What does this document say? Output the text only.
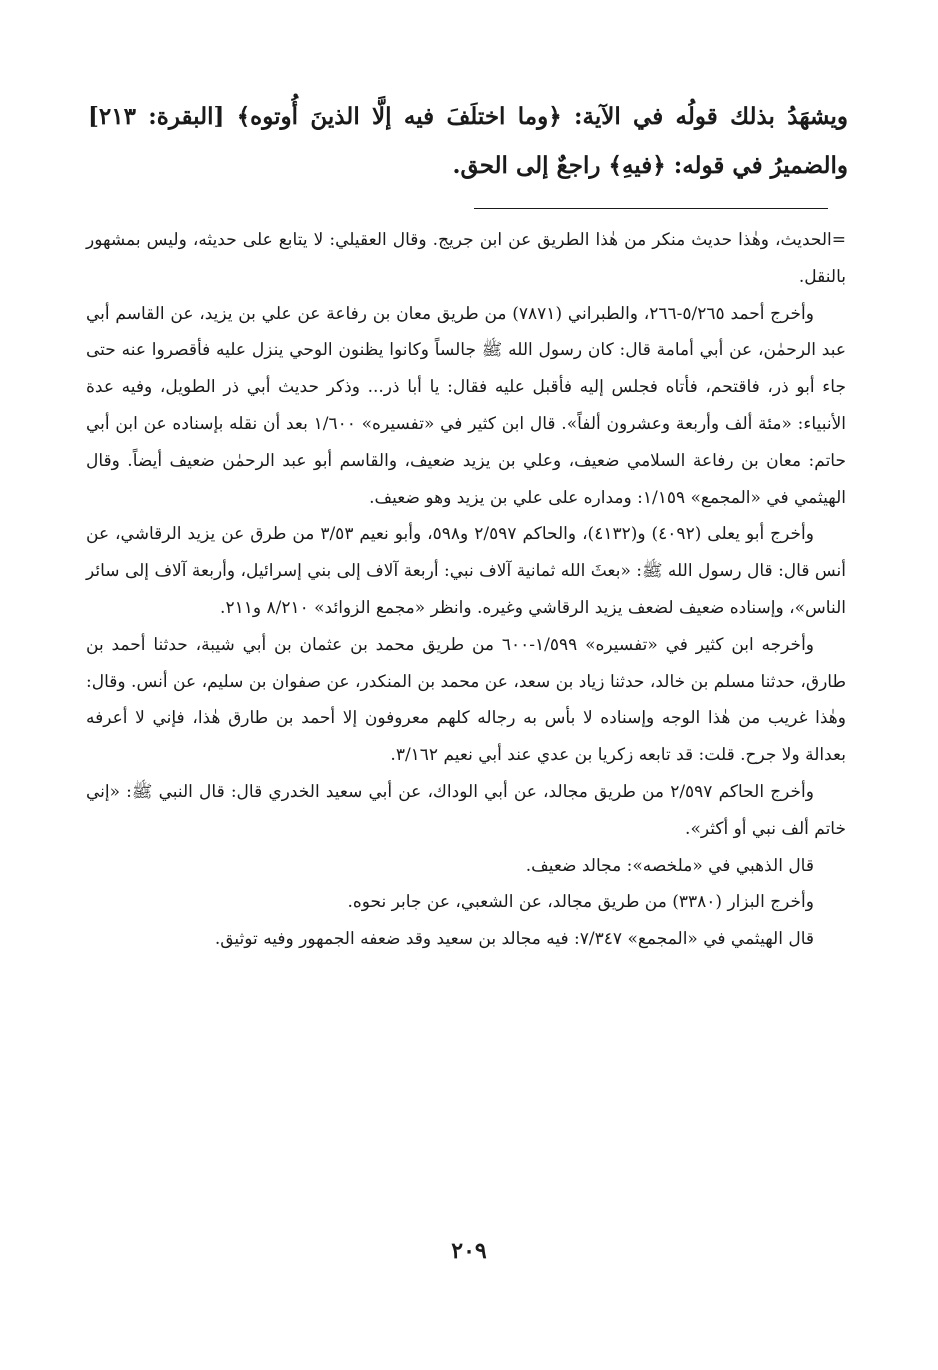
ويشهَدُ بذلك قولُه في الآية: ﴿وما اختلَفَ فيه إلَّا الذينَ أُوتوه﴾ [البقرة: ٢١٣] والضميرُ في قوله: ﴿فيهِ﴾ راجعٌ إلى الحق.

=الحديث، وهٰذا حديث منكر من هٰذا الطريق عن ابن جريج. وقال العقيلي: لا يتابع على حديثه، وليس بمشهور بالنقل.

وأخرج أحمد ٥/٢٦٥-٢٦٦، والطبراني (٧٨٧١) من طريق معان بن رفاعة عن علي بن يزيد، عن القاسم أبي عبد الرحمٰن، عن أبي أمامة قال: كان رسول الله ﷺ جالساً وكانوا يظنون الوحي ينزل عليه فأقصروا عنه حتى جاء أبو ذر، فاقتحم، فأتاه فجلس إليه فأقبل عليه فقال: يا أبا ذر... وذكر حديث أبي ذر الطويل، وفيه عدة الأنبياء: «مئة ألف وأربعة وعشرون ألفاً». قال ابن كثير في «تفسيره» ١/٦٠٠ بعد أن نقله بإسناده عن ابن أبي حاتم: معان بن رفاعة السلامي ضعيف، وعلي بن يزيد ضعيف، والقاسم أبو عبد الرحمٰن ضعيف أيضاً. وقال الهيثمي في «المجمع» ١/١٥٩: ومداره على علي بن يزيد وهو ضعيف.

وأخرج أبو يعلى (٤٠٩٢) و(٤١٣٢)، والحاكم ٢/٥٩٧ و٥٩٨، وأبو نعيم ٣/٥٣ من طرق عن يزيد الرقاشي، عن أنس قال: قال رسول الله ﷺ: «بعثَ الله ثمانية آلاف نبي: أربعة آلاف إلى بني إسرائيل، وأربعة آلاف إلى سائر الناس»، وإسناده ضعيف لضعف يزيد الرقاشي وغيره. وانظر «مجمع الزوائد» ٨/٢١٠ و٢١١.

وأخرجه ابن كثير في «تفسيره» ١/٥٩٩-٦٠٠ من طريق محمد بن عثمان بن أبي شيبة، حدثنا أحمد بن طارق، حدثنا مسلم بن خالد، حدثنا زياد بن سعد، عن محمد بن المنكدر، عن صفوان بن سليم، عن أنس. وقال: وهٰذا غريب من هٰذا الوجه وإسناده لا بأس به رجاله كلهم معروفون إلا أحمد بن طارق هٰذا، فإني لا أعرفه بعدالة ولا جرح. قلت: قد تابعه زكريا بن عدي عند أبي نعيم ٣/١٦٢.

وأخرج الحاكم ٢/٥٩٧ من طريق مجالد، عن أبي الوداك، عن أبي سعيد الخدري قال: قال النبي ﷺ: «إني خاتم ألف نبي أو أكثر».

قال الذهبي في «ملخصه»: مجالد ضعيف.

وأخرج البزار (٣٣٨٠) من طريق مجالد، عن الشعبي، عن جابر نحوه.

قال الهيثمي في «المجمع» ٧/٣٤٧: فيه مجالد بن سعيد وقد ضعفه الجمهور وفيه توثيق.

٢٠٩
